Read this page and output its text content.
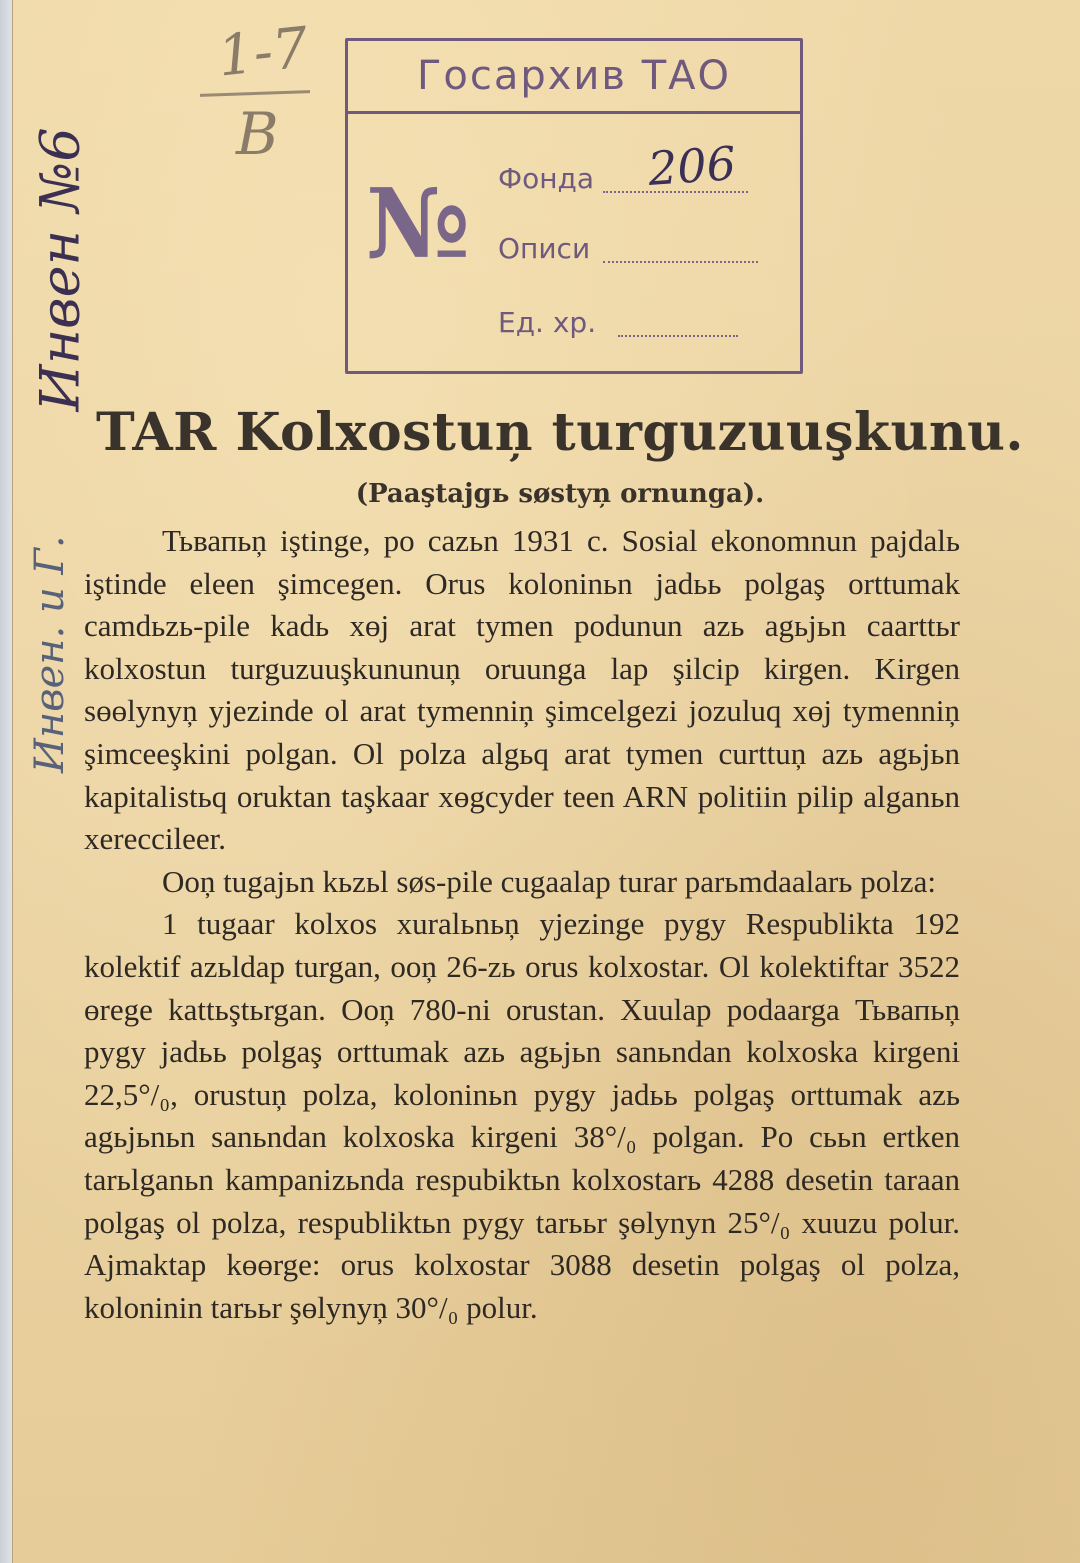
1-7
B
Инвен №6
Инвен. и Г.
Госархив ТАО
№ Фонда	206
Описи
Ед. хр.
TAR Kolxostuņ turguzuuşkunu.
(Paaştajgь søstyņ ornunga).

Тьвапьņ iştinge, po cazьn 1931 c. Sosial ekonomnun pajdalь iştinde eleen şimcegen. Orus koloninьn jadьь polgaş orttumak camdьzь-pile kadь xөj arat tymen podunun azь agьjьn caarttьr kolxostun turguzuuşkununuņ oruunga lap şilcip kirgen. Kirgen sөөlynyņ yjezinde ol arat tymenniņ şimcelgezi jozuluq xөj tymenniņ şimceeşkini polgan. Ol polza algьq arat tymen curttuņ azь agьjьn kapitalistьq oruktan taşkaar xөgcyder teen ARN politiin pilip alganьn xereccileer.

Ooņ tugajьn kьzьl søs-pile cugaalap turar parьmdaalarь polza:

1 tugaar kolxos xuralьnьņ yjezinge pygy Respublikta 192 kolektif azьldap turgan, ooņ 26-zь orus kolxostar. Ol kolektiftar 3522 өrege kattьştьrgan. Ooņ 780-ni orustan. Xuulap podaarga Тьвапьņ pygy jadьь polgaş orttumak azь agьjьn sanьndan kolxoska kirgeni 22,5°/₀, orustuņ polza, koloninьn pygy jadьь polgaş orttumak azь agьjьnьn sanьndan kolxoska kirgeni 38°/₀ polgan. Po сььn ertken tarьlganьn kampanizьnda respubiktьn kolxostarь 4288 desetin taraan polgaş ol polza, respubliktьn pygy tarььr şөlynyn 25°/₀ xuuzu polur. Ajmaktap kөөrge: orus kolxostar 3088 desetin polgaş ol polza, koloninin tarььr şөlynyņ 30°/₀ polur.
